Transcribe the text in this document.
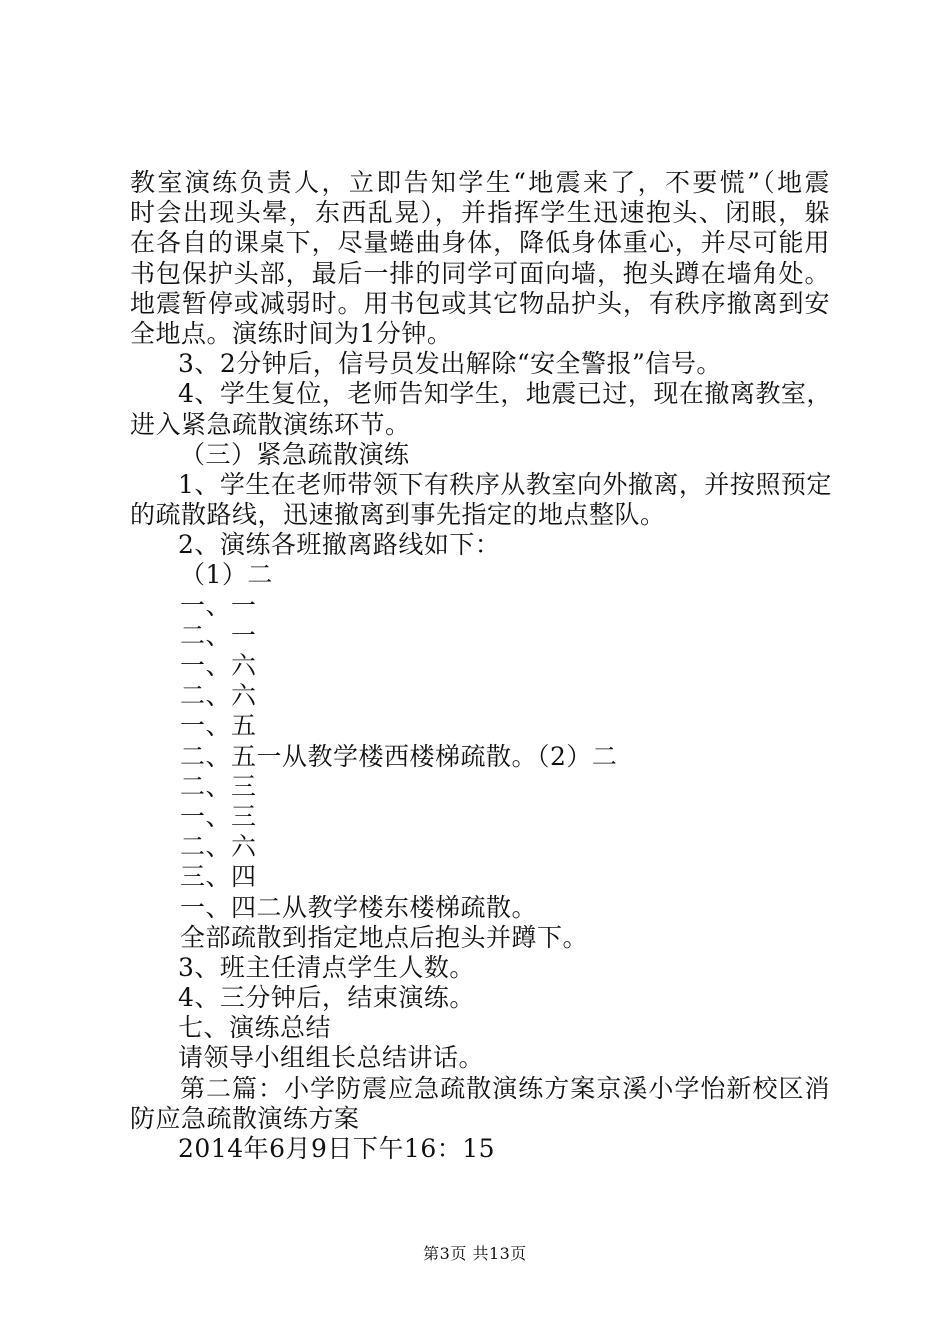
教室演练负责人，立即告知学生“地震来了，不要慌”（地震
时会出现头晕，东西乱晃），并指挥学生迅速抱头、闭眼，躲
在各自的课桌下，尽量蜷曲身体，降低身体重心，并尽可能用
书包保护头部，最后一排的同学可面向墙，抱头蹲在墙角处。
地震暂停或减弱时。用书包或其它物品护头，有秩序撤离到安
全地点。演练时间为1分钟。
3、2分钟后，信号员发出解除“安全警报”信号。
4、学生复位，老师告知学生，地震已过，现在撤离教室，
进入紧急疏散演练环节。
（三）紧急疏散演练
1、学生在老师带领下有秩序从教室向外撤离，并按照预定
的疏散路线，迅速撤离到事先指定的地点整队。
2、演练各班撤离路线如下：
（1）二
一、一
二、一
一、六
二、六
一、五
二、五一从教学楼西楼梯疏散。（2）二
二、三
一、三
二、六
三、四
一、四二从教学楼东楼梯疏散。
全部疏散到指定地点后抱头并蹲下。
3、班主任清点学生人数。
4、三分钟后，结束演练。
七、演练总结
请领导小组组长总结讲话。
第二篇：小学防震应急疏散演练方案京溪小学怡新校区消
防应急疏散演练方案
2014年6月9日下午16：15
第3页 共13页
